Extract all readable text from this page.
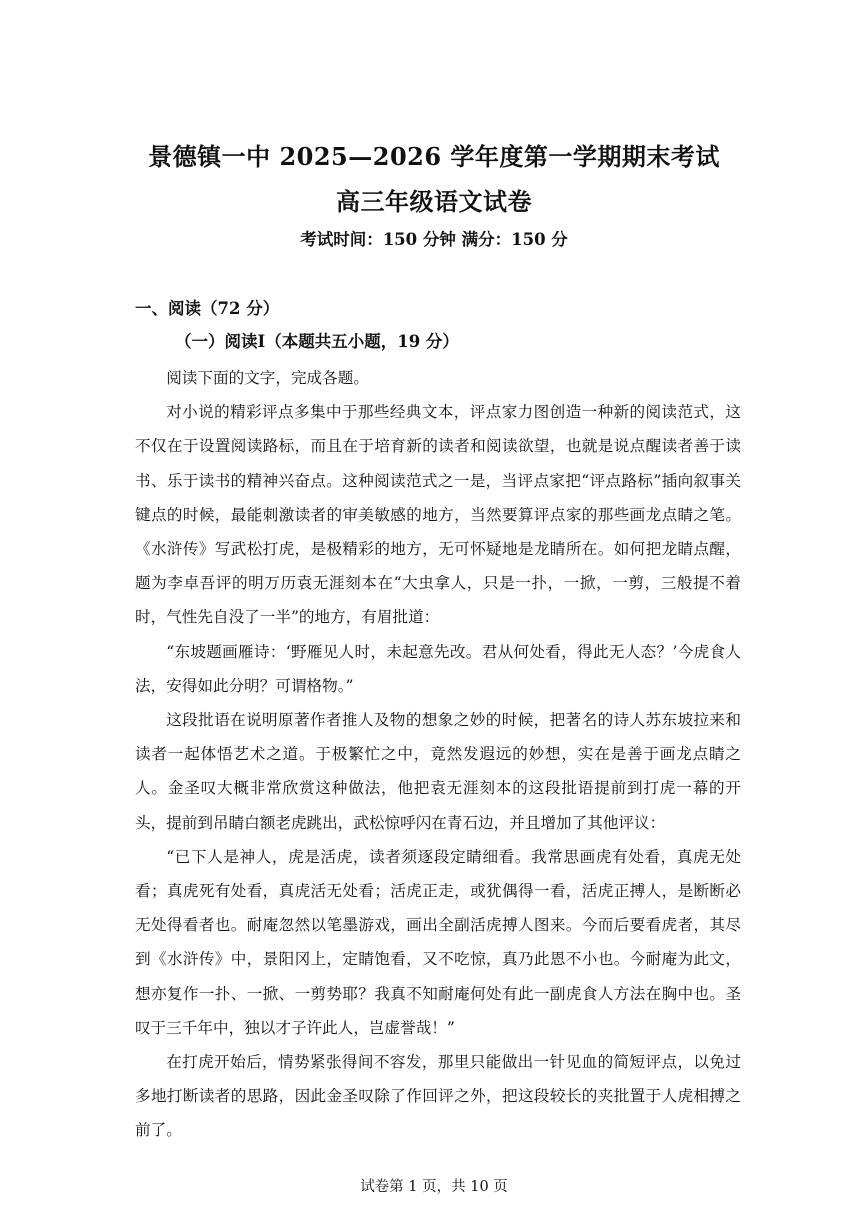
景德镇一中 2025—2026 学年度第一学期期末考试
高三年级语文试卷
考试时间：150 分钟 满分：150 分
一、阅读（72 分）
（一）阅读I（本题共五小题，19 分）

阅读下面的文字，完成各题。

对小说的精彩评点多集中于那些经典文本，评点家力图创造一种新的阅读范式，这不仅在于设置阅读路标，而且在于培育新的读者和阅读欲望，也就是说点醒读者善于读书、乐于读书的精神兴奋点。这种阅读范式之一是，当评点家把“评点路标”插向叙事关键点的时候，最能刺激读者的审美敏感的地方，当然要算评点家的那些画龙点睛之笔。《水浒传》写武松打虎，是极精彩的地方，无可怀疑地是龙睛所在。如何把龙睛点醒，题为李卓吾评的明万历袁无涯刻本在“大虫拿人，只是一扑，一掀，一剪，三般提不着时，气性先自没了一半”的地方，有眉批道：

“东坡题画雁诗：‘野雁见人时，未起意先改。君从何处看，得此无人态？’今虎食人法，安得如此分明？可谓格物。”

这段批语在说明原著作者推人及物的想象之妙的时候，把著名的诗人苏东坡拉来和读者一起体悟艺术之道。于极繁忙之中，竟然发遐远的妙想，实在是善于画龙点睛之人。金圣叹大概非常欣赏这种做法，他把袁无涯刻本的这段批语提前到打虎一幕的开头，提前到吊睛白额老虎跳出，武松惊呼闪在青石边，并且增加了其他评议：

“已下人是神人，虎是活虎，读者须逐段定睛细看。我常思画虎有处看，真虎无处看；真虎死有处看，真虎活无处看；活虎正走，或犹偶得一看，活虎正搏人，是断断必无处得看者也。耐庵忽然以笔墨游戏，画出全副活虎搏人图来。今而后要看虎者，其尽到《水浒传》中，景阳冈上，定睛饱看，又不吃惊，真乃此恩不小也。今耐庵为此文，想亦复作一扑、一掀、一剪势耶？我真不知耐庵何处有此一副虎食人方法在胸中也。圣叹于三千年中，独以才子许此人，岂虚誉哉！”

在打虎开始后，情势紧张得间不容发，那里只能做出一针见血的简短评点，以免过多地打断读者的思路，因此金圣叹除了作回评之外，把这段较长的夹批置于人虎相搏之前了。

试卷第 1 页，共 10 页
